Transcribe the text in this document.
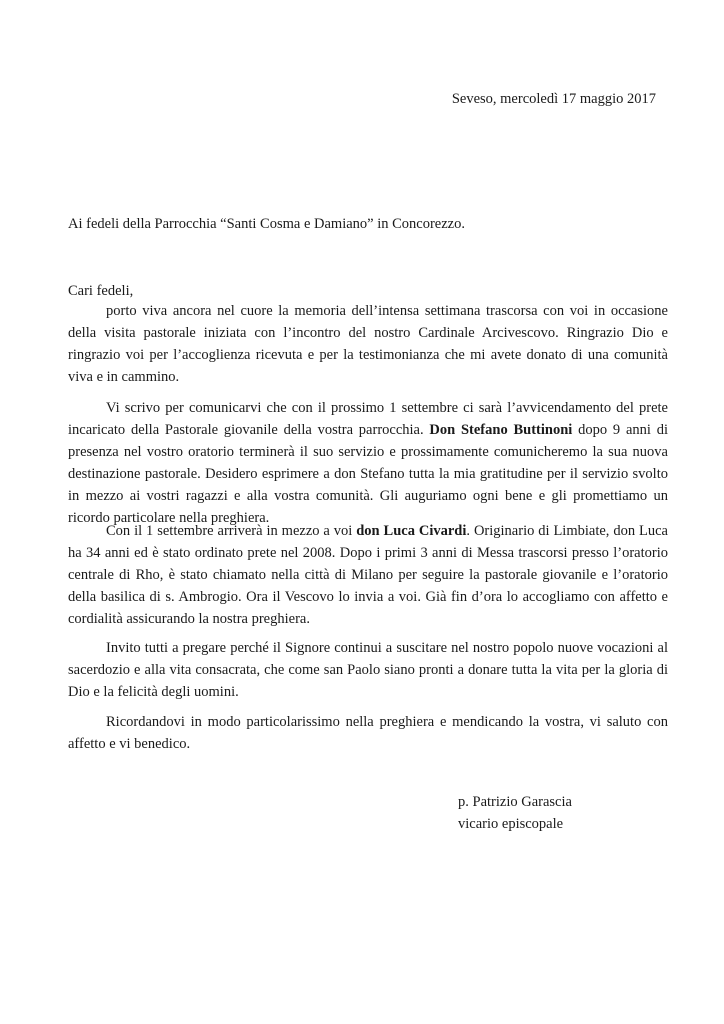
Seveso, mercoledì 17 maggio 2017
Ai fedeli della Parrocchia “Santi Cosma e Damiano” in Concorezzo.
Cari fedeli,

porto viva ancora nel cuore la memoria dell’intensa settimana trascorsa con voi in occasione della visita pastorale iniziata con l’incontro del nostro Cardinale Arcivescovo. Ringrazio Dio e ringrazio voi per l’accoglienza ricevuta e per la testimonianza che mi avete donato di una comunità viva e in cammino.

Vi scrivo per comunicarvi che con il prossimo 1 settembre ci sarà l’avvicendamento del prete incaricato della Pastorale giovanile della vostra parrocchia. Don Stefano Buttinoni dopo 9 anni di presenza nel vostro oratorio terminerà il suo servizio e prossimamente comunicheremo la sua nuova destinazione pastorale. Desidero esprimere a don Stefano tutta la mia gratitudine per il servizio svolto in mezzo ai vostri ragazzi e alla vostra comunità. Gli auguriamo ogni bene e gli promettiamo un ricordo particolare nella preghiera.

Con il 1 settembre arriverà in mezzo a voi don Luca Civardi. Originario di Limbiate, don Luca ha 34 anni ed è stato ordinato prete nel 2008. Dopo i primi 3 anni di Messa trascorsi presso l’oratorio centrale di Rho, è stato chiamato nella città di Milano per seguire la pastorale giovanile e l’oratorio della basilica di s. Ambrogio. Ora il Vescovo lo invia a voi. Già fin d’ora lo accogliamo con affetto e cordialità assicurando la nostra preghiera.

Invito tutti a pregare perché il Signore continui a suscitare nel nostro popolo nuove vocazioni al sacerdozio e alla vita consacrata, che come san Paolo siano pronti a donare tutta la vita per la gloria di Dio e la felicità degli uomini.

Ricordandovi in modo particolarissimo nella preghiera e mendicando la vostra, vi saluto con affetto e vi benedico.

p. Patrizio Garascia
vicario episcopale
